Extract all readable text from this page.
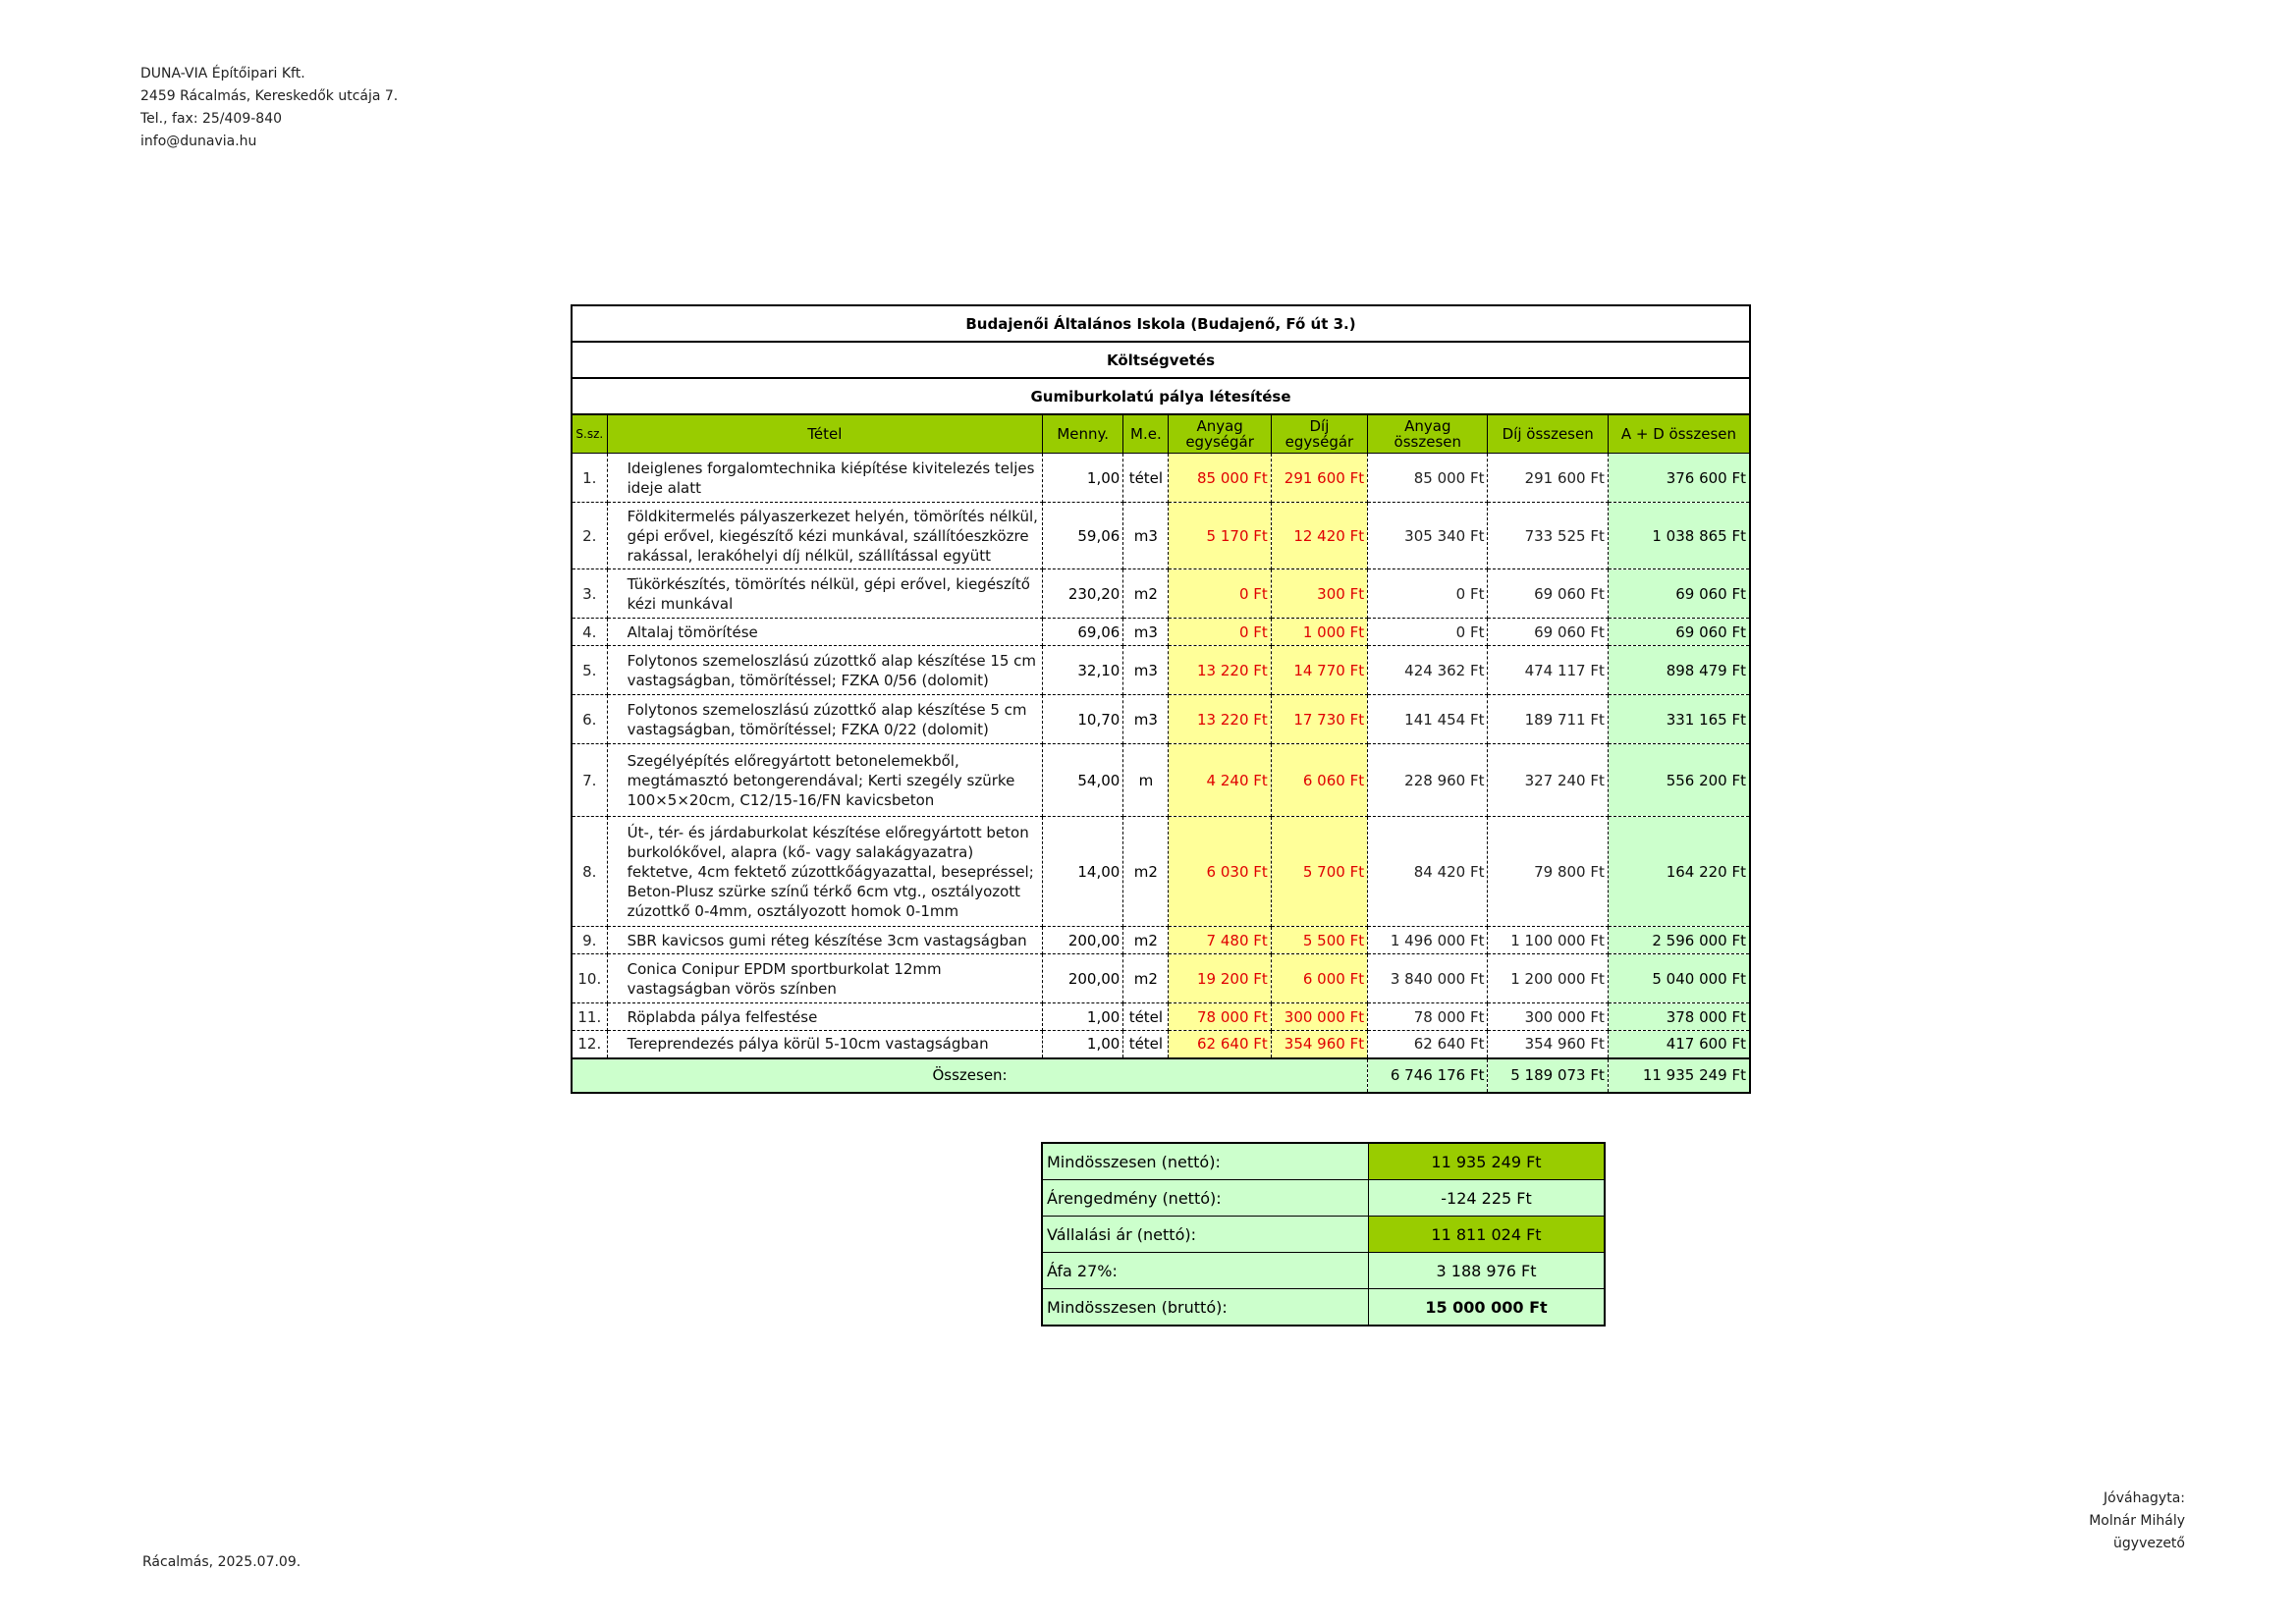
DUNA-VIA Építőipari Kft.
2459 Rácalmás, Kereskedők utcája 7.
Tel., fax: 25/409-840
info@dunavia.hu
Budajenői Általános Iskola (Budajenő, Fő út 3.)								
Költségvetés								
Gumiburkolatú pálya létesítése								
S.sz.	Tétel	Menny.	M.e.	Anyag egységár	Díj egységár	Anyag összesen	Díj összesen	A + D összesen
1.	Ideiglenes forgalomtechnika kiépítése kivitelezés teljes ideje alatt	1,00	tétel	85 000 Ft	291 600 Ft	85 000 Ft	291 600 Ft	376 600 Ft
2.	Földkitermelés pályaszerkezet helyén, tömörítés nélkül, gépi erővel, kiegészítő kézi munkával, szállítóeszközre rakással, lerakóhelyi díj nélkül, szállítással együtt	59,06	m3	5 170 Ft	12 420 Ft	305 340 Ft	733 525 Ft	1 038 865 Ft
3.	Tükörkészítés, tömörítés nélkül, gépi erővel, kiegészítő kézi munkával	230,20	m2	0 Ft	300 Ft	0 Ft	69 060 Ft	69 060 Ft
4.	Altalaj tömörítése	69,06	m3	0 Ft	1 000 Ft	0 Ft	69 060 Ft	69 060 Ft
5.	Folytonos szemeloszlású zúzottkő alap készítése 15 cm vastagságban, tömörítéssel; FZKA 0/56 (dolomit)	32,10	m3	13 220 Ft	14 770 Ft	424 362 Ft	474 117 Ft	898 479 Ft
6.	Folytonos szemeloszlású zúzottkő alap készítése 5 cm vastagságban, tömörítéssel; FZKA 0/22 (dolomit)	10,70	m3	13 220 Ft	17 730 Ft	141 454 Ft	189 711 Ft	331 165 Ft
7.	Szegélyépítés előregyártott betonelemekből, megtámasztó betongerendával; Kerti szegély szürke 100×5×20cm, C12/15-16/FN kavicsbeton	54,00	m	4 240 Ft	6 060 Ft	228 960 Ft	327 240 Ft	556 200 Ft
8.	Út-, tér- és járdaburkolat készítése előregyártott beton burkolókővel, alapra (kő- vagy salakágyazatra) fektetve, 4cm fektető zúzottkőágyazattal, besepréssel; Beton-Plusz szürke színű térkő 6cm vtg., osztályozott zúzottkő 0-4mm, osztályozott homok 0-1mm	14,00	m2	6 030 Ft	5 700 Ft	84 420 Ft	79 800 Ft	164 220 Ft
9.	SBR kavicsos gumi réteg készítése 3cm vastagságban	200,00	m2	7 480 Ft	5 500 Ft	1 496 000 Ft	1 100 000 Ft	2 596 000 Ft
10.	Conica Conipur EPDM sportburkolat 12mm vastagságban vörös színben	200,00	m2	19 200 Ft	6 000 Ft	3 840 000 Ft	1 200 000 Ft	5 040 000 Ft
11.	Röplabda pálya felfestése	1,00	tétel	78 000 Ft	300 000 Ft	78 000 Ft	300 000 Ft	378 000 Ft
12.	Tereprendezés pálya körül 5-10cm vastagságban	1,00	tétel	62 640 Ft	354 960 Ft	62 640 Ft	354 960 Ft	417 600 Ft
Összesen:						6 746 176 Ft	5 189 073 Ft	11 935 249 Ft
Mindösszesen (nettó):	11 935 249 Ft
Árengedmény (nettó):	-124 225 Ft
Vállalási ár (nettó):	11 811 024 Ft
Áfa 27%:	3 188 976 Ft
Mindösszesen (bruttó):	15 000 000 Ft
Jóváhagyta:
Molnár Mihály
ügyvezető
Rácalmás, 2025.07.09.
